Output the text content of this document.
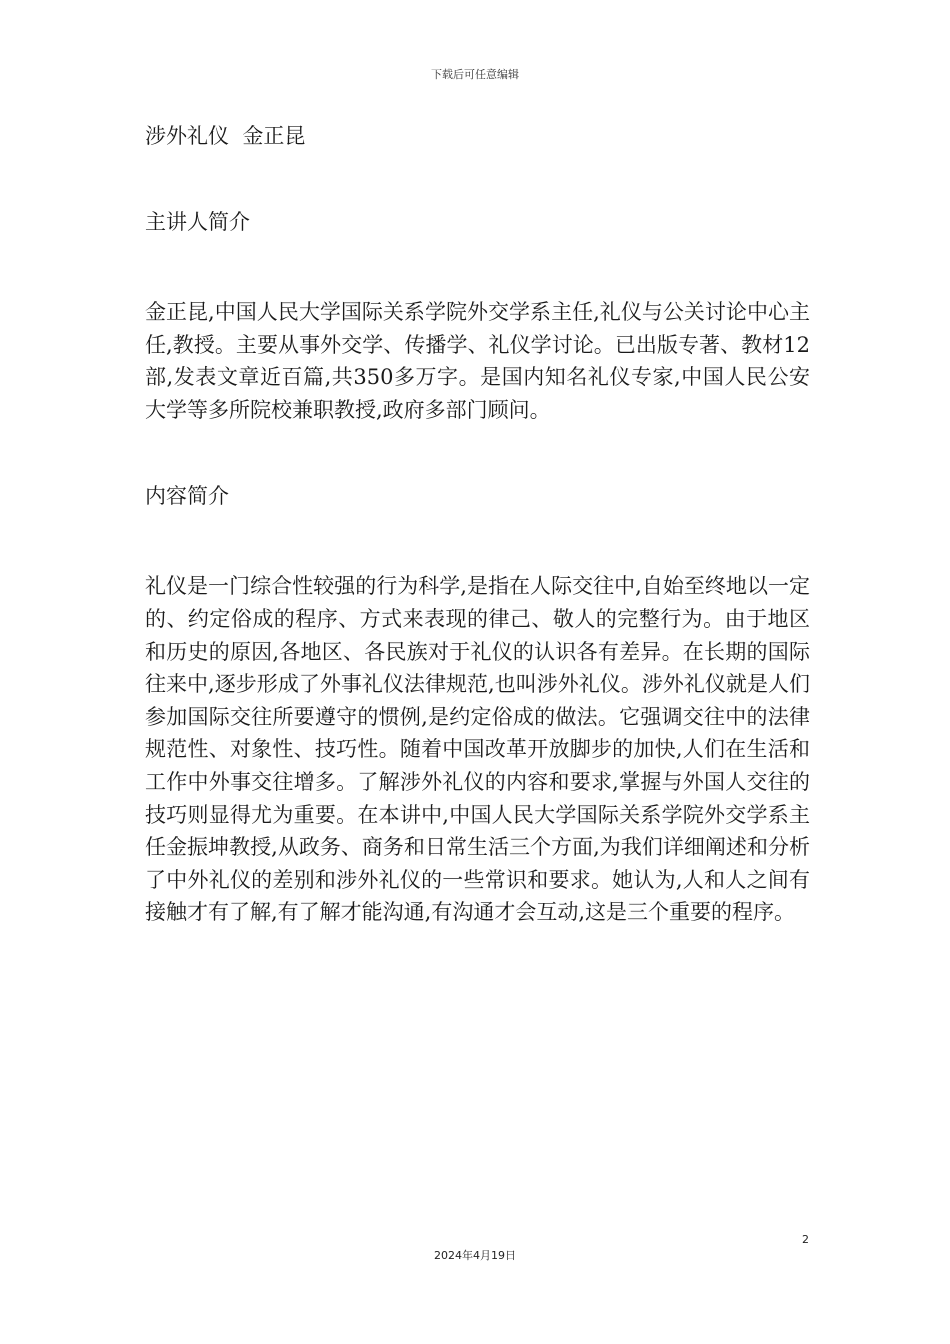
下载后可任意编辑

涉外礼仪  金正昆

主讲人简介

金正昆,中国人民大学国际关系学院外交学系主任,礼仪与公关讨论中心主任,教授。主要从事外交学、传播学、礼仪学讨论。已出版专著、教材12部,发表文章近百篇,共350多万字。是国内知名礼仪专家,中国人民公安大学等多所院校兼职教授,政府多部门顾问。

内容简介

礼仪是一门综合性较强的行为科学,是指在人际交往中,自始至终地以一定的、约定俗成的程序、方式来表现的律己、敬人的完整行为。由于地区和历史的原因,各地区、各民族对于礼仪的认识各有差异。在长期的国际往来中,逐步形成了外事礼仪法律规范,也叫涉外礼仪。涉外礼仪就是人们参加国际交往所要遵守的惯例,是约定俗成的做法。它强调交往中的法律规范性、对象性、技巧性。随着中国改革开放脚步的加快,人们在生活和工作中外事交往增多。了解涉外礼仪的内容和要求,掌握与外国人交往的技巧则显得尤为重要。在本讲中,中国人民大学国际关系学院外交学系主任金振坤教授,从政务、商务和日常生活三个方面,为我们详细阐述和分析了中外礼仪的差别和涉外礼仪的一些常识和要求。她认为,人和人之间有接触才有了解,有了解才能沟通,有沟通才会互动,这是三个重要的程序。

2
2024年4月19日
